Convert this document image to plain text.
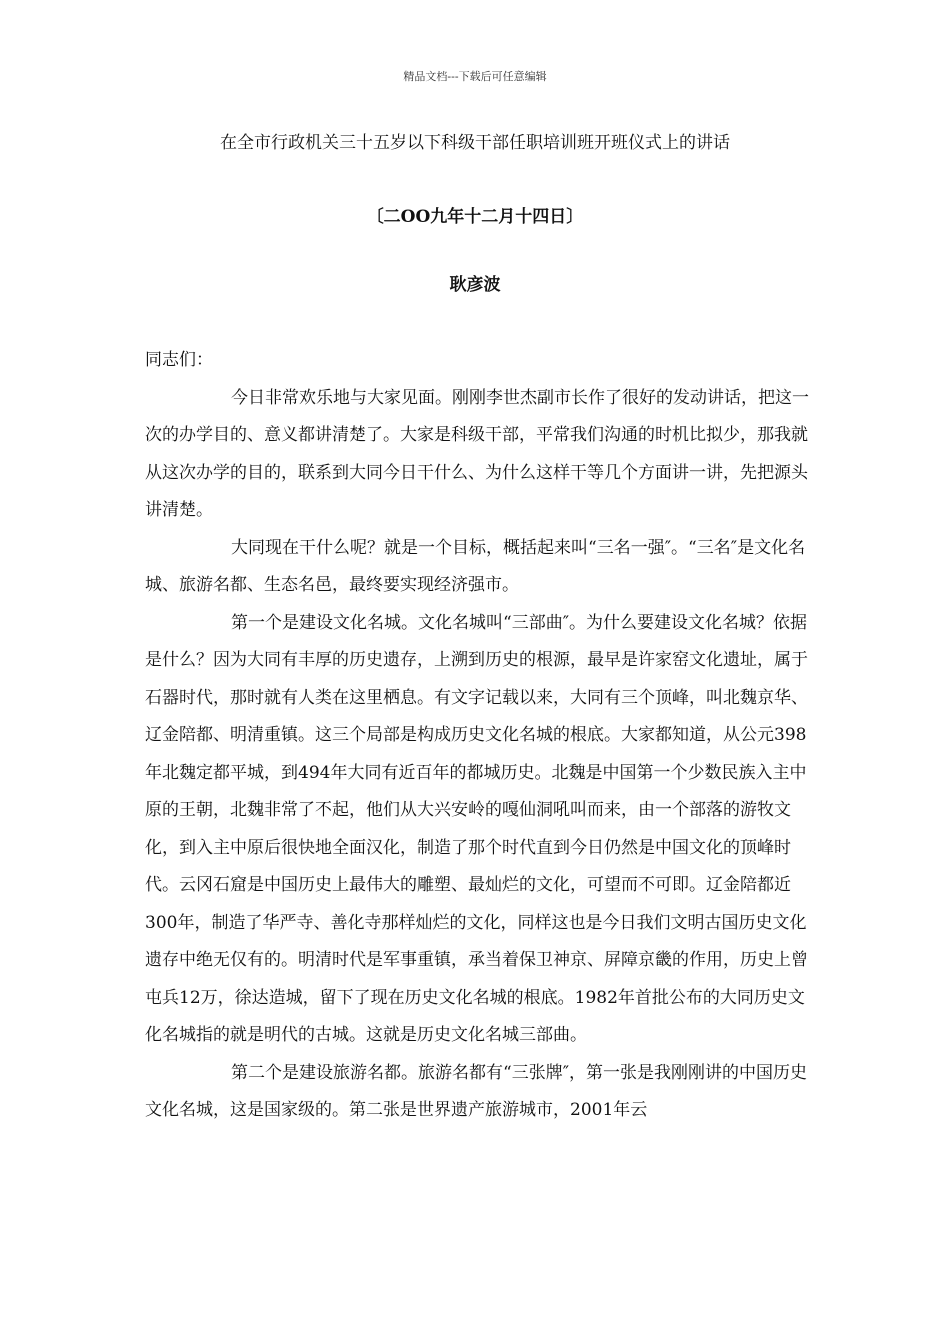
精品文档---下载后可任意编辑
在全市行政机关三十五岁以下科级干部任职培训班开班仪式上的讲话
〔二OO九年十二月十四日〕
耿彦波

同志们：

今日非常欢乐地与大家见面。刚刚李世杰副市长作了很好的发动讲话，把这一次的办学目的、意义都讲清楚了。大家是科级干部，平常我们沟通的时机比拟少，那我就从这次办学的目的，联系到大同今日干什么、为什么这样干等几个方面讲一讲，先把源头讲清楚。

大同现在干什么呢？就是一个目标，概括起来叫“三名一强″。“三名″是文化名城、旅游名都、生态名邑，最终要实现经济强市。

第一个是建设文化名城。文化名城叫“三部曲″。为什么要建设文化名城？依据是什么？因为大同有丰厚的历史遗存，上溯到历史的根源，最早是许家窑文化遗址，属于石器时代，那时就有人类在这里栖息。有文字记载以来，大同有三个顶峰，叫北魏京华、辽金陪都、明清重镇。这三个局部是构成历史文化名城的根底。大家都知道，从公元398年北魏定都平城，到494年大同有近百年的都城历史。北魏是中国第一个少数民族入主中原的王朝，北魏非常了不起，他们从大兴安岭的嘎仙洞吼叫而来，由一个部落的游牧文化，到入主中原后很快地全面汉化，制造了那个时代直到今日仍然是中国文化的顶峰时代。云冈石窟是中国历史上最伟大的雕塑、最灿烂的文化，可望而不可即。辽金陪都近300年，制造了华严寺、善化寺那样灿烂的文化，同样这也是今日我们文明古国历史文化遗存中绝无仅有的。明清时代是军事重镇，承当着保卫神京、屏障京畿的作用，历史上曾屯兵12万，徐达造城，留下了现在历史文化名城的根底。1982年首批公布的大同历史文化名城指的就是明代的古城。这就是历史文化名城三部曲。

第二个是建设旅游名都。旅游名都有“三张牌″，第一张是我刚刚讲的中国历史文化名城，这是国家级的。第二张是世界遗产旅游城市，2001年云
